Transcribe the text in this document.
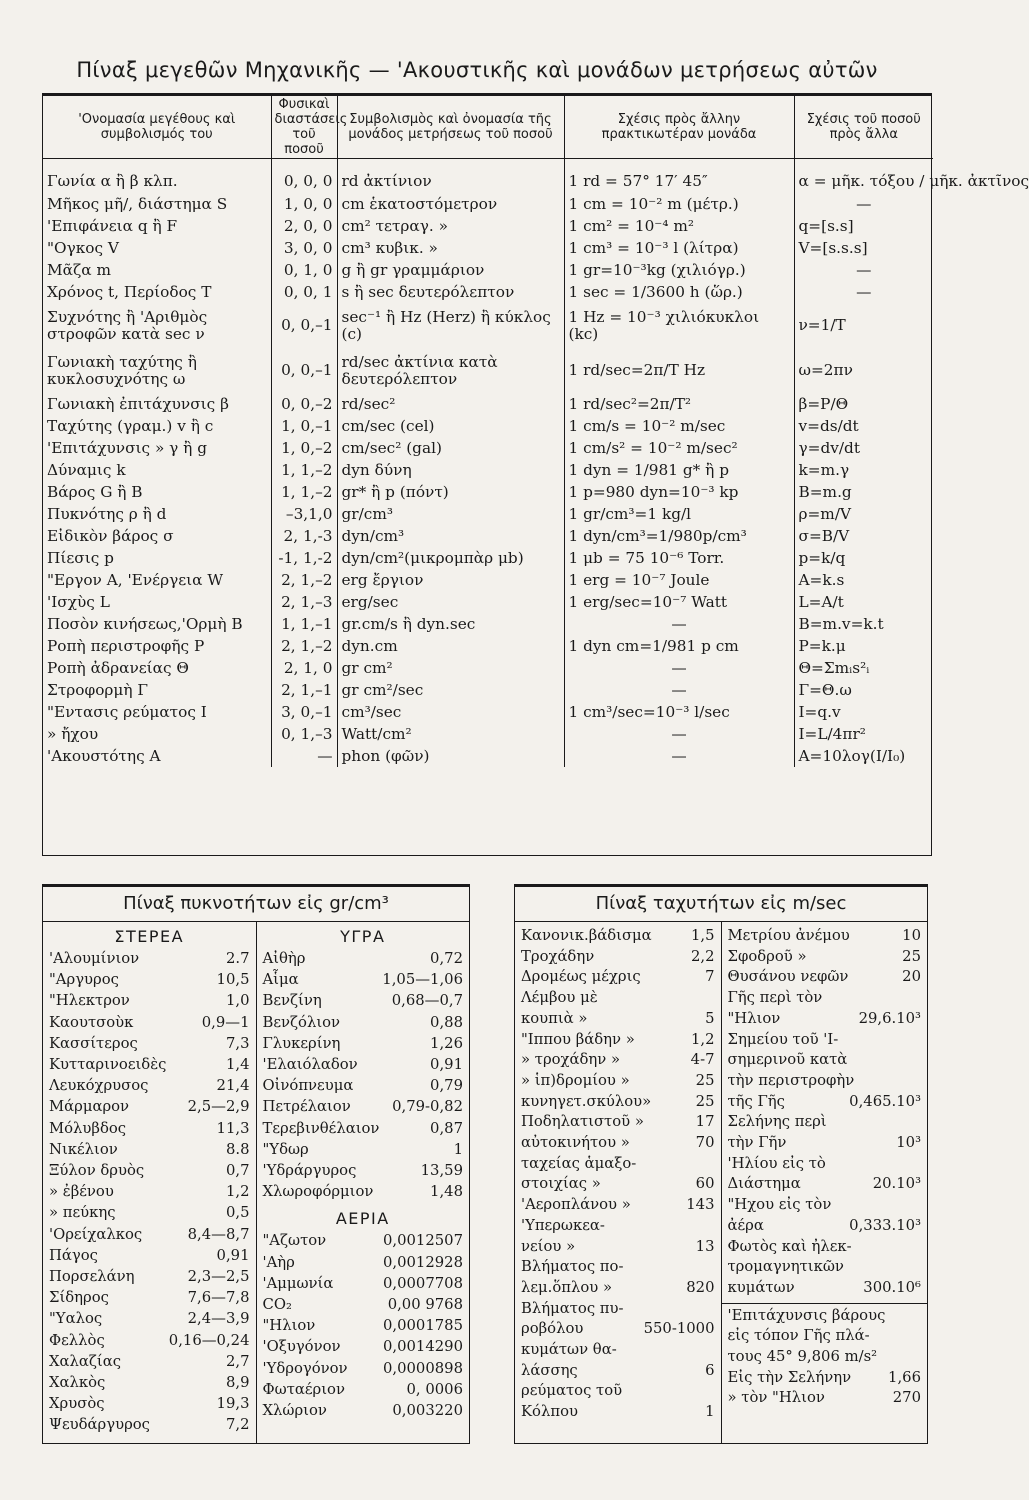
Πίναξ μεγεθῶν Μηχανικῆς — 'Ακουστικῆς καὶ μονάδων μετρήσεως αὐτῶν
'Ονομασία μεγέθους καὶ συμβολισμός του	Φυσικαὶ διαστάσεις τοῦ ποσοῦ	Συμβολισμὸς καὶ ὀνομασία τῆς μονάδος μετρήσεως τοῦ ποσοῦ	Σχέσις πρὸς ἄλλην πρακτικωτέραν μονάδα	Σχέσις τοῦ ποσοῦ πρὸς ἄλλα
Γωνία α ἢ β κλπ.	0, 0, 0	rd ἀκτίνιον	1 rd = 57° 17′ 45″	α = μῆκ. τόξου / μῆκ. ἀκτῖνος
Μῆκος μῆ/, διάστημα S	1, 0, 0	cm ἑκατοστόμετρον	1 cm = 10⁻² m (μέτρ.)	—
'Επιφάνεια q ἢ F	2, 0, 0	cm² τετραγ. »	1 cm² = 10⁻⁴ m²	q=[s.s]
"Ογκος V	3, 0, 0	cm³ κυβικ. »	1 cm³ = 10⁻³ l (λίτρα)	V=[s.s.s]
Μᾶζα m	0, 1, 0	g ἢ gr γραμμάριον	1 gr=10⁻³kg (χιλιόγρ.)	—
Χρόνος t, Περίοδος T	0, 0, 1	s ἢ sec δευτερόλεπτον	1 sec = 1/3600 h (ὥρ.)	—
Συχνότης ἢ 'Αριθμὸς στροφῶν κατὰ sec ν	0, 0,–1	sec⁻¹ ἢ Hz (Herz) ἢ κύκλος (c)	1 Hz = 10⁻³ χιλιόκυκλοι (kc)	ν=1/T
Γωνιακὴ ταχύτης ἢ κυκλοσυχνότης ω	0, 0,–1	rd/sec ἀκτίνια κατὰ δευτερόλεπτον	1 rd/sec=2π/T Hz	ω=2πν
Γωνιακὴ ἐπιτάχυνσις β	0, 0,–2	rd/sec²	1 rd/sec²=2π/T²	β=P/Θ
Ταχύτης (γραμ.) v ἢ c	1, 0,–1	cm/sec (cel)	1 cm/s = 10⁻² m/sec	v=ds/dt
'Επιτάχυνσις » γ ἢ g	1, 0,–2	cm/sec² (gal)	1 cm/s² = 10⁻² m/sec²	γ=dv/dt
Δύναμις k	1, 1,–2	dyn δύνη	1 dyn = 1/981 g* ἢ p	k=m.γ
Βάρος G ἢ B	1, 1,–2	gr* ἢ p (πόντ)	1 p=980 dyn=10⁻³ kp	B=m.g
Πυκνότης ρ ἢ d	–3,1,0	gr/cm³	1 gr/cm³=1 kg/l	ρ=m/V
Εἰδικὸν βάρος σ	2, 1,-3	dyn/cm³	1 dyn/cm³=1/980p/cm³	σ=B/V
Πίεσις p	-1, 1,-2	dyn/cm²(μικρομπὰρ μb)	1 μb = 75 10⁻⁶ Torr.	p=k/q
"Εργον A, 'Ενέργεια W	2, 1,–2	erg ἔργιον	1 erg = 10⁻⁷ Joule	A=k.s
'Ισχὺς L	2, 1,–3	erg/sec	1 erg/sec=10⁻⁷ Watt	L=A/t
Ποσὸν κινήσεως,'Ορμὴ B	1, 1,–1	gr.cm/s ἢ dyn.sec	—	B=m.v=k.t
Ροπὴ περιστροφῆς P	2, 1,–2	dyn.cm	1 dyn cm=1/981 p cm	P=k.μ
Ροπὴ ἀδρανείας Θ	2, 1, 0	gr cm²	—	Θ=Σmᵢs²ᵢ
Στροφορμὴ Γ	2, 1,–1	gr cm²/sec	—	Γ=Θ.ω
"Εντασις ρεύματος I	3, 0,–1	cm³/sec	1 cm³/sec=10⁻³ l/sec	I=q.v
» ἤχου	0, 1,–3	Watt/cm²	—	I=L/4πr²
'Ακουστότης A	—	phon (φῶν)	—	A=10λογ(I/I₀)
Πίναξ πυκνοτήτων εἰς gr/cm³
ΣΤΕΡΕΑ
'Αλουμίνιον	2.7
"Αργυρος	10,5
"Ηλεκτρον	1,0
Καουτσοὺκ	0,9—1
Κασσίτερος	7,3
Κυτταρινοειδὲς	1,4
Λευκόχρυσος	21,4
Μάρμαρον	2,5—2,9
Μόλυβδος	11,3
Νικέλιον	8.8
Ξύλον δρυὸς	0,7
» ἐβένου	1,2
» πεύκης	0,5
'Ορείχαλκος	8,4—8,7
Πάγος	0,91
Πορσελάνη	2,3—2,5
Σίδηρος	7,6—7,8
"Υαλος	2,4—3,9
Φελλὸς	0,16—0,24
Χαλαζίας	2,7
Χαλκὸς	8,9
Χρυσὸς	19,3
Ψευδάργυρος	7,2
ΥΓΡΑ
Αἰθὴρ	0,72
Αἷμα	1,05—1,06
Βενζίνη	0,68—0,7
Βενζόλιον	0,88
Γλυκερίνη	1,26
'Ελαιόλαδον	0,91
Οἰνόπνευμα	0,79
Πετρέλαιον	0,79-0,82
Τερεβινθέλαιον	0,87
"Υδωρ	1
'Υδράργυρος	13,59
Χλωροφόρμιον	1,48
ΑΕΡΙΑ
"Αζωτον	0,0012507
'Αὴρ	0,0012928
'Αμμωνία	0,0007708
CO₂	0,00 9768
"Ηλιον	0,0001785
'Οξυγόνον	0,0014290
'Υδρογόνον 0,0000898
Φωταέριον	0, 0006
Χλώριον	0,003220
Πίναξ ταχυτήτων εἰς m/sec
Κανονικ.βάδισμα	1,5
Τροχάδην	2,2
Δρομέως μέχρις	7
Λέμβου μὲ
κουπιὰ »	5
"Ιππου βάδην »	1,2
» τροχάδην »	4-7
» ἱπ)δρομίου »	25
κυνηγετ.σκύλου»	25
Ποδηλατιστοῦ »	17
αὐτοκινήτου »	70
ταχείας ἁμαξο-
στοιχίας »	60
'Αεροπλάνου »	143
'Υπερωκεα-
νείου »	13
Βλήματος πο-
λεμ.ὅπλου »	820
Βλήματος πυ-
ροβόλου	550-1000
κυμάτων θα-
λάσσης	6
ρεύματος τοῦ
Κόλπου	1
Μετρίου ἀνέμου	10
Σφοδροῦ »	25
Θυσάνου νεφῶν	20
Γῆς περὶ τὸν
"Ηλιον	29,6.10³
Σημείου τοῦ 'Ι-
σημερινοῦ κατὰ
τὴν περιστροφὴν
τῆς Γῆς	0,465.10³
Σελήνης περὶ
τὴν Γῆν	10³
'Ηλίου εἰς τὸ
Διάστημα	20.10³
"Ηχου εἰς τὸν
ἀέρα	0,333.10³
Φωτὸς καὶ ἠλεκ-
τρομαγνητικῶν
κυμάτων	300.10⁶
'Επιτάχυνσις βάρους
εἰς τόπον Γῆς πλά-
τους 45° 9,806 m/s²
Εἰς τὴν Σελήνην 1,66
» τὸν "Ηλιον	270
